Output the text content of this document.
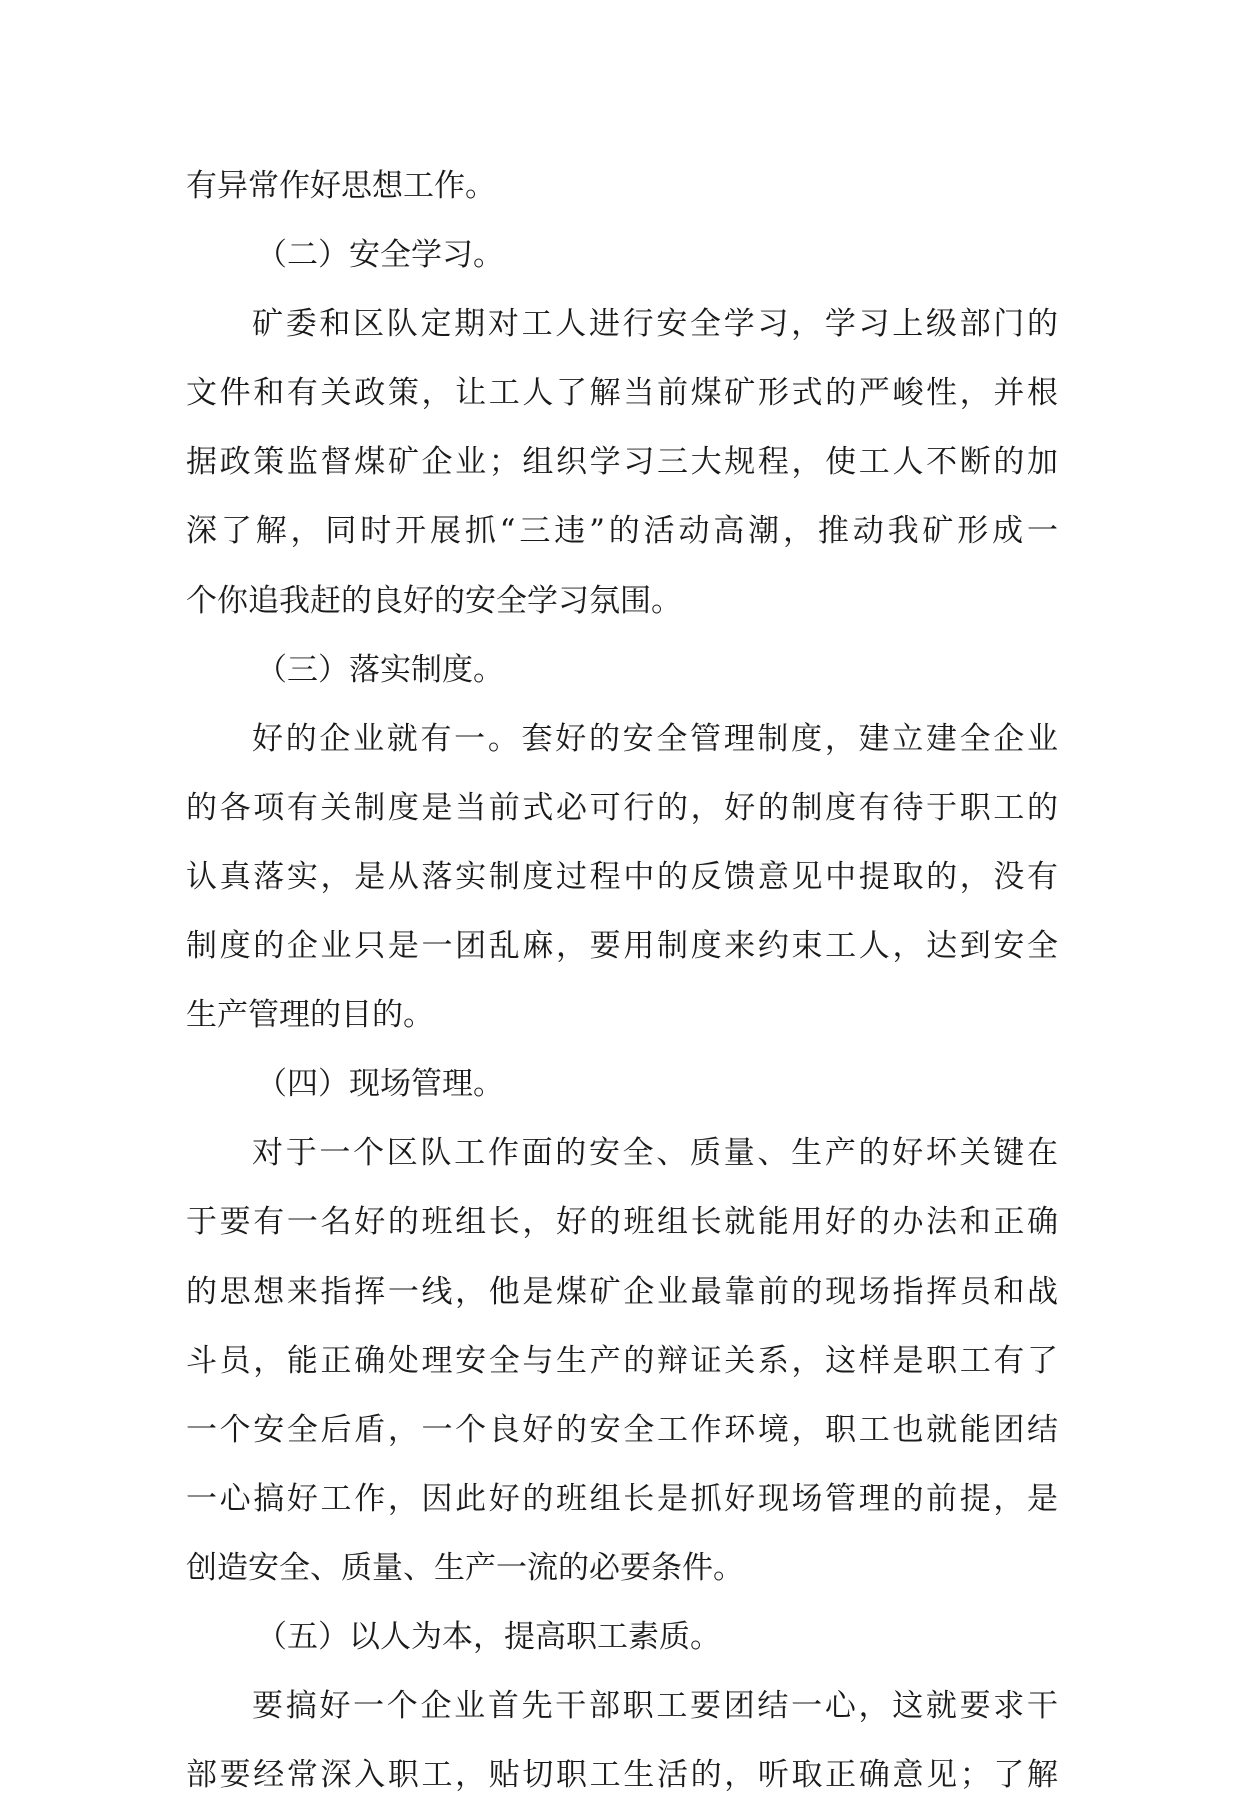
有异常作好思想工作。
（二）安全学习。
矿委和区队定期对工人进行安全学习，学习上级部门的
文件和有关政策，让工人了解当前煤矿形式的严峻性，并根
据政策监督煤矿企业；组织学习三大规程，使工人不断的加
深了解，同时开展抓“三违”的活动高潮，推动我矿形成一
个你追我赶的良好的安全学习氛围。
（三）落实制度。
好的企业就有一。套好的安全管理制度，建立建全企业
的各项有关制度是当前式必可行的，好的制度有待于职工的
认真落实，是从落实制度过程中的反馈意见中提取的，没有
制度的企业只是一团乱麻，要用制度来约束工人，达到安全
生产管理的目的。
（四）现场管理。
对于一个区队工作面的安全、质量、生产的好坏关键在
于要有一名好的班组长，好的班组长就能用好的办法和正确
的思想来指挥一线，他是煤矿企业最靠前的现场指挥员和战
斗员，能正确处理安全与生产的辩证关系，这样是职工有了
一个安全后盾，一个良好的安全工作环境，职工也就能团结
一心搞好工作，因此好的班组长是抓好现场管理的前提，是
创造安全、质量、生产一流的必要条件。
（五）以人为本，提高职工素质。
要搞好一个企业首先干部职工要团结一心，这就要求干
部要经常深入职工，贴切职工生活的，听取正确意见；了解
